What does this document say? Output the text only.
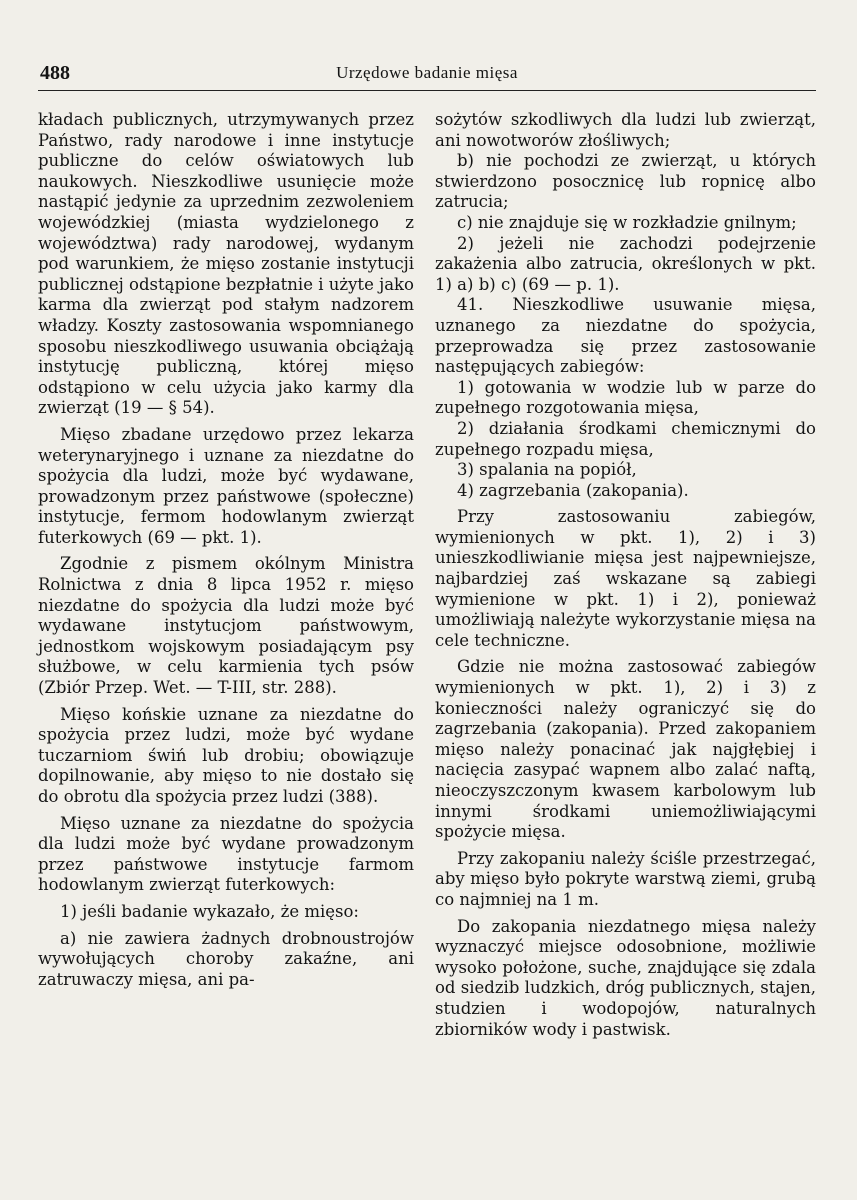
488	Urzędowe badanie mięsa

kładach publicznych, utrzymywanych przez Państwo, rady narodowe i inne instytucje publiczne do celów oświatowych lub naukowych. Nieszkodliwe usunięcie może nastąpić jedynie za uprzednim zezwoleniem wojewódzkiej (miasta wydzielonego z województwa) rady narodowej, wydanym pod warunkiem, że mięso zostanie instytucji publicznej odstąpione bezpłatnie i użyte jako karma dla zwierząt pod stałym nadzorem władzy. Koszty zastosowania wspomnianego sposobu nieszkodliwego usuwania obciążają instytucję publiczną, której mięso odstąpiono w celu użycia jako karmy dla zwierząt (19 — § 54).

Mięso zbadane urzędowo przez lekarza weterynaryjnego i uznane za niezdatne do spożycia dla ludzi, może być wydawane, prowadzonym przez państwowe (społeczne) instytucje, fermom hodowlanym zwierząt futerkowych (69 — pkt. 1).

Zgodnie z pismem okólnym Ministra Rolnictwa z dnia 8 lipca 1952 r. mięso niezdatne do spożycia dla ludzi może być wydawane instytucjom państwowym, jednostkom wojskowym posiadającym psy służbowe, w celu karmienia tych psów (Zbiór Przep. Wet. — T-III, str. 288).

Mięso końskie uznane za niezdatne do spożycia przez ludzi, może być wydane tuczarniom świń lub drobiu; obowiązuje dopilnowanie, aby mięso to nie dostało się do obrotu dla spożycia przez ludzi (388).

Mięso uznane za niezdatne do spożycia dla ludzi może być wydane prowadzonym przez państwowe instytucje farmom hodowlanym zwierząt futerkowych:

1) jeśli badanie wykazało, że mięso:

a) nie zawiera żadnych drobnoustrojów wywołujących choroby zakaźne, ani zatruwaczy mięsa, ani pa-

sożytów szkodliwych dla ludzi lub zwierząt, ani nowotworów złośliwych;

b) nie pochodzi ze zwierząt, u których stwierdzono posocznicę lub ropnicę albo zatrucia;

c) nie znajduje się w rozkładzie gnilnym;

2) jeżeli nie zachodzi podejrzenie zakażenia albo zatrucia, określonych w pkt. 1) a) b) c) (69 — p. 1).

41. Nieszkodliwe usuwanie mięsa, uznanego za niezdatne do spożycia, przeprowadza się przez zastosowanie następujących zabiegów:

1) gotowania w wodzie lub w parze do zupełnego rozgotowania mięsa,

2) działania środkami chemicznymi do zupełnego rozpadu mięsa,

3) spalania na popiół,

4) zagrzebania (zakopania).

Przy zastosowaniu zabiegów, wymienionych w pkt. 1), 2) i 3) unieszkodliwianie mięsa jest najpewniejsze, najbardziej zaś wskazane są zabiegi wymienione w pkt. 1) i 2), ponieważ umożliwiają należyte wykorzystanie mięsa na cele techniczne.

Gdzie nie można zastosować zabiegów wymienionych w pkt. 1), 2) i 3) z konieczności należy ograniczyć się do zagrzebania (zakopania). Przed zakopaniem mięso należy ponacinać jak najgłębiej i nacięcia zasypać wapnem albo zalać naftą, nieoczyszczonym kwasem karbolowym lub innymi środkami uniemożliwiającymi spożycie mięsa.

Przy zakopaniu należy ściśle przestrzegać, aby mięso było pokryte warstwą ziemi, grubą co najmniej na 1 m.

Do zakopania niezdatnego mięsa należy wyznaczyć miejsce odosobnione, możliwie wysoko położone, suche, znajdujące się zdala od siedzib ludzkich, dróg publicznych, stajen, studzien i wodopojów, naturalnych zbiorników wody i pastwisk.
